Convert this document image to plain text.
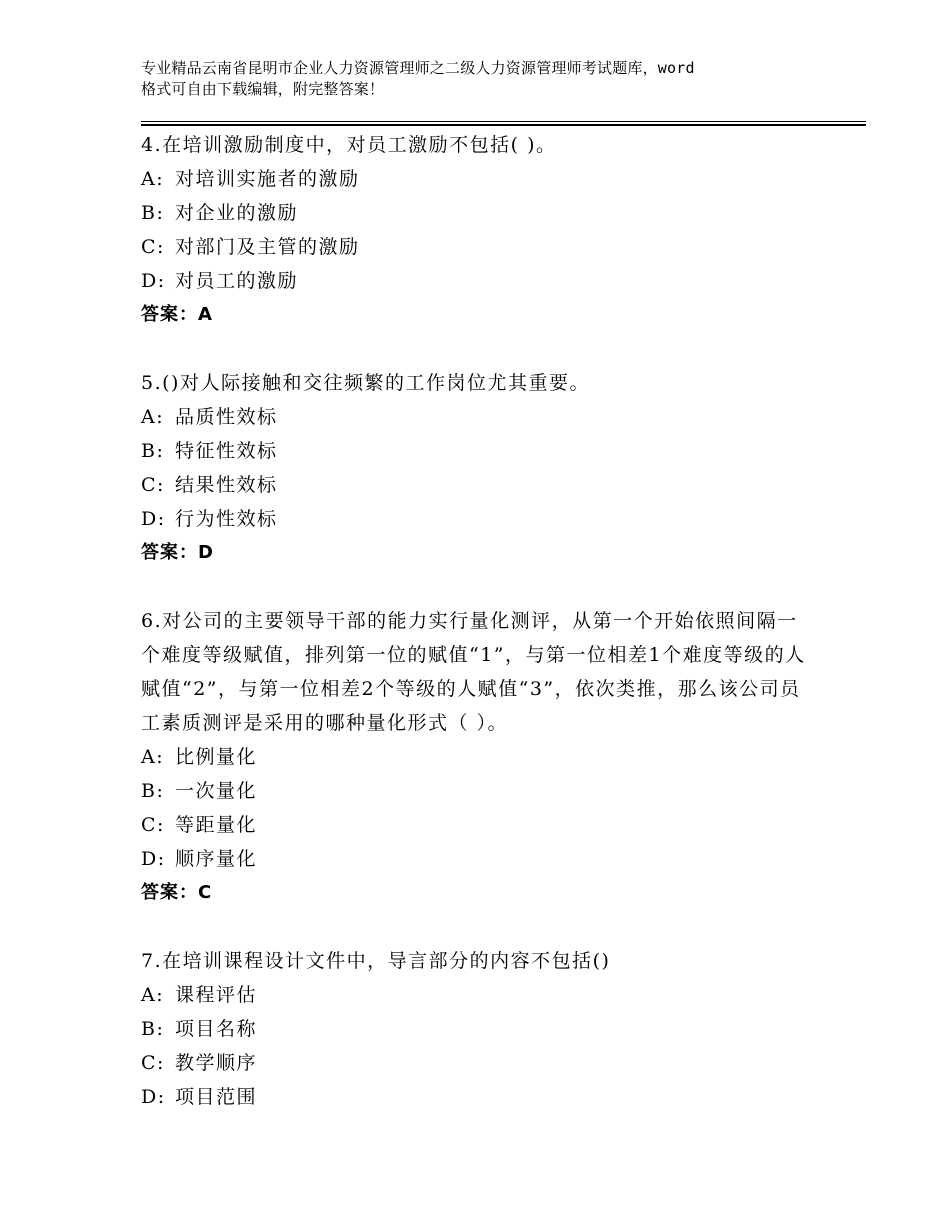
专业精品云南省昆明市企业人力资源管理师之二级人力资源管理师考试题库，word
格式可自由下载编辑，附完整答案！
4.在培训激励制度中，对员工激励不包括( )。
A: 对培训实施者的激励
B: 对企业的激励
C: 对部门及主管的激励
D: 对员工的激励
答案：A
5.()对人际接触和交往频繁的工作岗位尤其重要。
A: 品质性效标
B: 特征性效标
C: 结果性效标
D: 行为性效标
答案：D
6.对公司的主要领导干部的能力实行量化测评，从第一个开始依照间隔一个难度等级赋值，排列第一位的赋值“1”，与第一位相差1个难度等级的人赋值“2”，与第一位相差2个等级的人赋值“3”，依次类推，那么该公司员工素质测评是采用的哪种量化形式（ ）。
A: 比例量化
B: 一次量化
C: 等距量化
D: 顺序量化
答案：C
7.在培训课程设计文件中，导言部分的内容不包括()
A: 课程评估
B: 项目名称
C: 教学顺序
D: 项目范围
